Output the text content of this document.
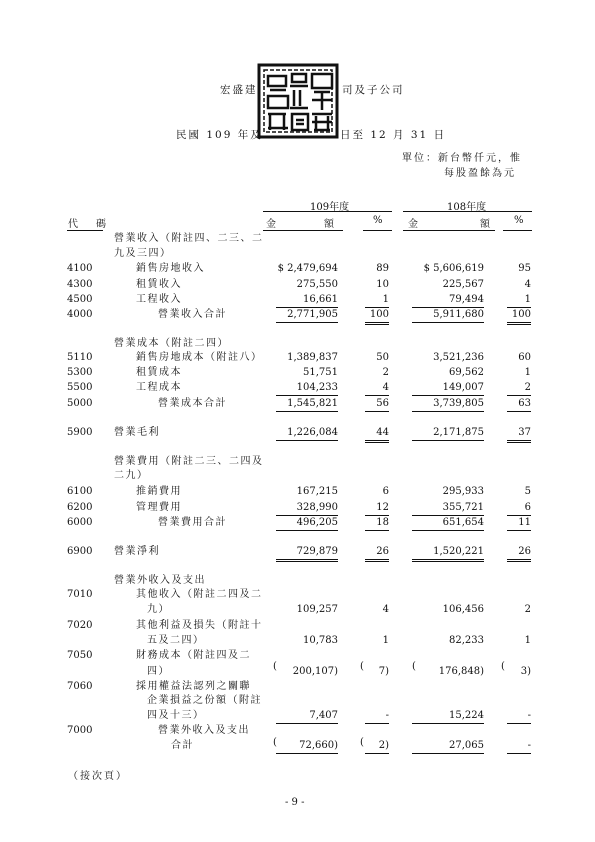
宏盛建	司及子公司
民國 109 年及	日至 12 月 31 日
單位：新台幣仟元，惟
每股盈餘為元
109年度	108年度
代　碼	金	額	%	金	額 %
營業收入（附註四、二三、二
九及三四）
4100	銷售房地收入	$ 2,479,694	89	$ 5,606,619	95
4300	租賃收入	275,550	10	225,567	4
4500	工程收入	16,661	1	79,494	1
4000	營業收入合計	2,771,905	100	5,911,680	100
營業成本（附註二四）
5110	銷售房地成本（附註八） 1,389,837	50	3,521,236	60
5300	租賃成本	51,751	2	69,562	1
5500	工程成本	104,233	4	149,007	2
5000	營業成本合計	1,545,821	56	3,739,805	63
5900 營業毛利	1,226,084	44	2,171,875	37
營業費用（附註二三、二四及
二九）
6100	推銷費用	167,215	6	295,933	5
6200	管理費用	328,990	12	355,721	6
6000	營業費用合計	496,205	18	651,654	11
6900 營業淨利	729,879	26	1,520,221	26
營業外收入及支出
7010	其他收入（附註二四及二
九）	109,257	4	106,456	2
7020	其他利益及損失（附註十
五及二四）	10,783	1	82,233	1
7050	財務成本（附註四及二
四）	200,107)	7)	176,848)	3)
7060	採用權益法認列之關聯
企業損益之份額（附註
四及十三）	7,407	-	15,224	-
7000	營業外收入及支出
合計	72,660)	2)	27,065	-
(	(	(	(
(	(
（接次頁）
- 9 -
